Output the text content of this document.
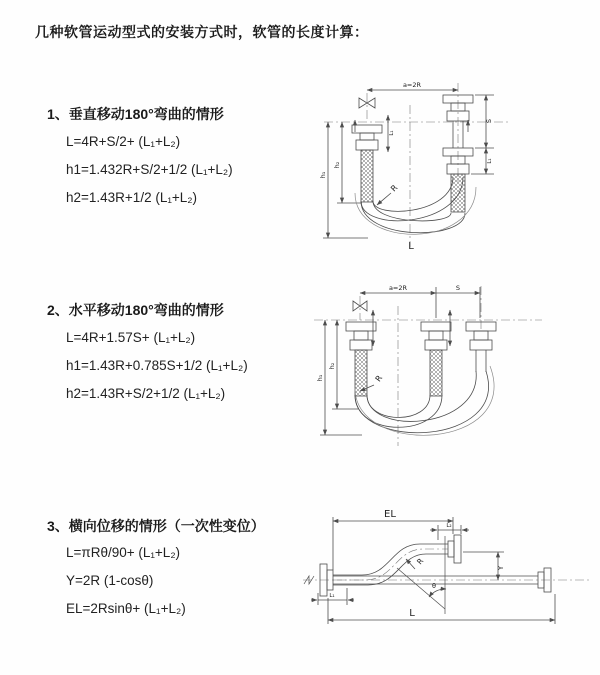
几种软管运动型式的安装方式时，软管的长度计算：
1、垂直移动180°弯曲的情形
L=4R+S/2+ (L₁+L₂)
h1=1.432R+S/2+1/2 (L₁+L₂)
h2=1.43R+1/2 (L₁+L₂)
2、水平移动180°弯曲的情形
L=4R+1.57S+ (L₁+L₂)
h1=1.43R+0.785S+1/2 (L₁+L₂)
h2=1.43R+S/2+1/2 (L₁+L₂)
3、横向位移的情形（一次性变位）
L=πRθ/90+ (L₁+L₂)
Y=2R (1-cosθ)
EL=2Rsinθ+ (L₁+L₂)
a=2R
L₁
S
L₁
h₁
h₂
R
L
a=2R	S
h₁
h₂
R
EL
L₂
Y
R
θ
L
L₁
